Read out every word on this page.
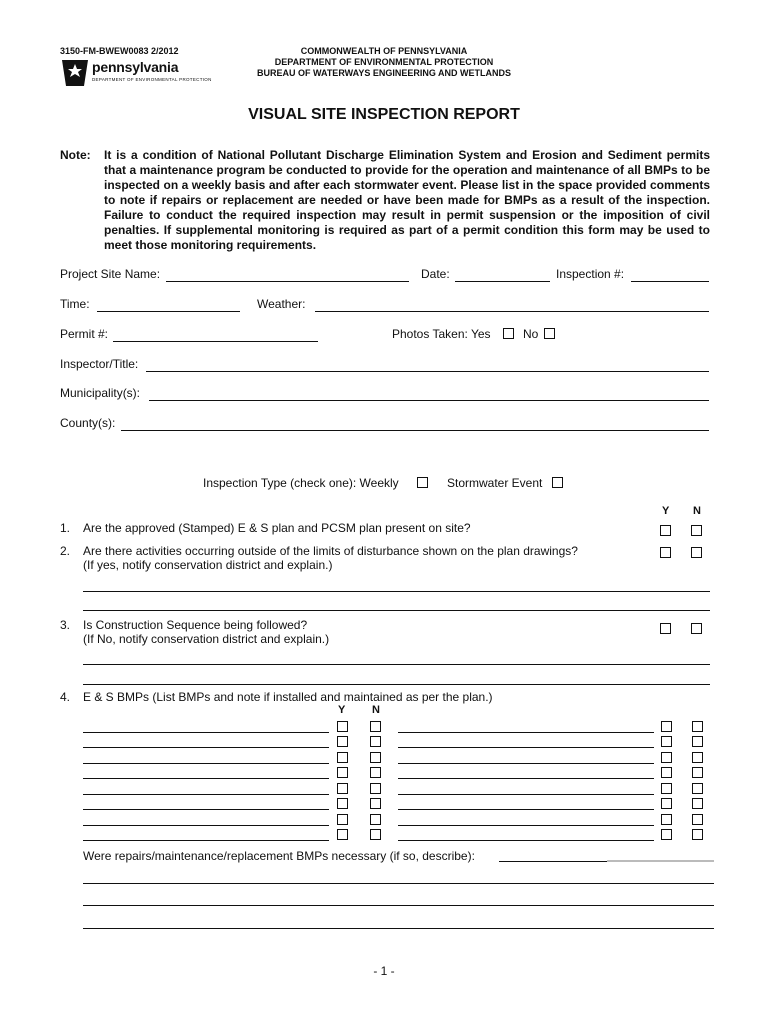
3150-FM-BWEW0083 2/2012
pennsylvania
DEPARTMENT OF ENVIRONMENTAL PROTECTION
COMMONWEALTH OF PENNSYLVANIA
DEPARTMENT OF ENVIRONMENTAL PROTECTION
BUREAU OF WATERWAYS ENGINEERING AND WETLANDS
VISUAL SITE INSPECTION REPORT
Note: It is a condition of National Pollutant Discharge Elimination System and Erosion and Sediment permits that a maintenance program be conducted to provide for the operation and maintenance of all BMPs to be inspected on a weekly basis and after each stormwater event. Please list in the space provided comments to note if repairs or replacement are needed or have been made for BMPs as a result of the inspection. Failure to conduct the required inspection may result in permit suspension or the imposition of civil penalties. If supplemental monitoring is required as part of a permit condition this form may be used to meet those monitoring requirements.
Project Site Name:	Date:	Inspection #:
Time:	Weather:
Permit #:	Photos Taken: Yes	No
Inspector/Title:
Municipality(s):
County(s):
Inspection Type (check one): Weekly	Stormwater Event
Y N
1. Are the approved (Stamped) E & S plan and PCSM plan present on site?
2. Are there activities occurring outside of the limits of disturbance shown on the plan drawings?
(If yes, notify conservation district and explain.)
3. Is Construction Sequence being followed?
(If No, notify conservation district and explain.)
4. E & S BMPs (List BMPs and note if installed and maintained as per the plan.)
Y N
Were repairs/maintenance/replacement BMPs necessary (if so, describe):
- 1 -
